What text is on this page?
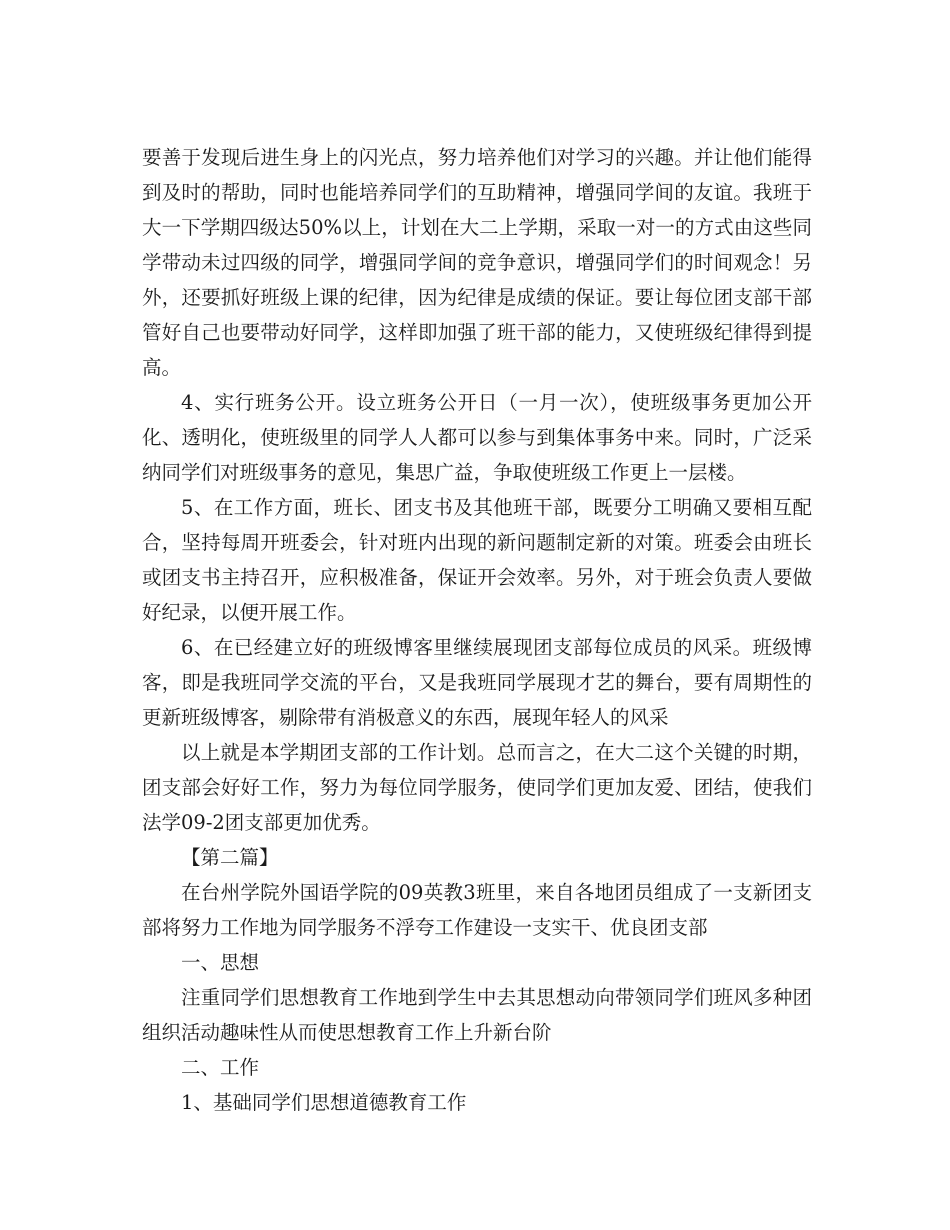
要善于发现后进生身上的闪光点，努力培养他们对学习的兴趣。并让他们能得到及时的帮助，同时也能培养同学们的互助精神，增强同学间的友谊。我班于大一下学期四级达50%以上，计划在大二上学期，采取一对一的方式由这些同学带动未过四级的同学，增强同学间的竞争意识，增强同学们的时间观念！另外，还要抓好班级上课的纪律，因为纪律是成绩的保证。要让每位团支部干部管好自己也要带动好同学，这样即加强了班干部的能力，又使班级纪律得到提高。

4、实行班务公开。设立班务公开日（一月一次），使班级事务更加公开化、透明化，使班级里的同学人人都可以参与到集体事务中来。同时，广泛采纳同学们对班级事务的意见，集思广益，争取使班级工作更上一层楼。

5、在工作方面，班长、团支书及其他班干部，既要分工明确又要相互配合，坚持每周开班委会，针对班内出现的新问题制定新的对策。班委会由班长或团支书主持召开，应积极准备，保证开会效率。另外，对于班会负责人要做好纪录，以便开展工作。

6、在已经建立好的班级博客里继续展现团支部每位成员的风采。班级博客，即是我班同学交流的平台，又是我班同学展现才艺的舞台，要有周期性的更新班级博客，剔除带有消极意义的东西，展现年轻人的风采

以上就是本学期团支部的工作计划。总而言之，在大二这个关键的时期，团支部会好好工作，努力为每位同学服务，使同学们更加友爱、团结，使我们法学09-2团支部更加优秀。

【第二篇】

在台州学院外国语学院的09英教3班里，来自各地团员组成了一支新团支部将努力工作地为同学服务不浮夸工作建设一支实干、优良团支部

一、思想

注重同学们思想教育工作地到学生中去其思想动向带领同学们班风多种团组织活动趣味性从而使思想教育工作上升新台阶

二、工作

1、基础同学们思想道德教育工作
